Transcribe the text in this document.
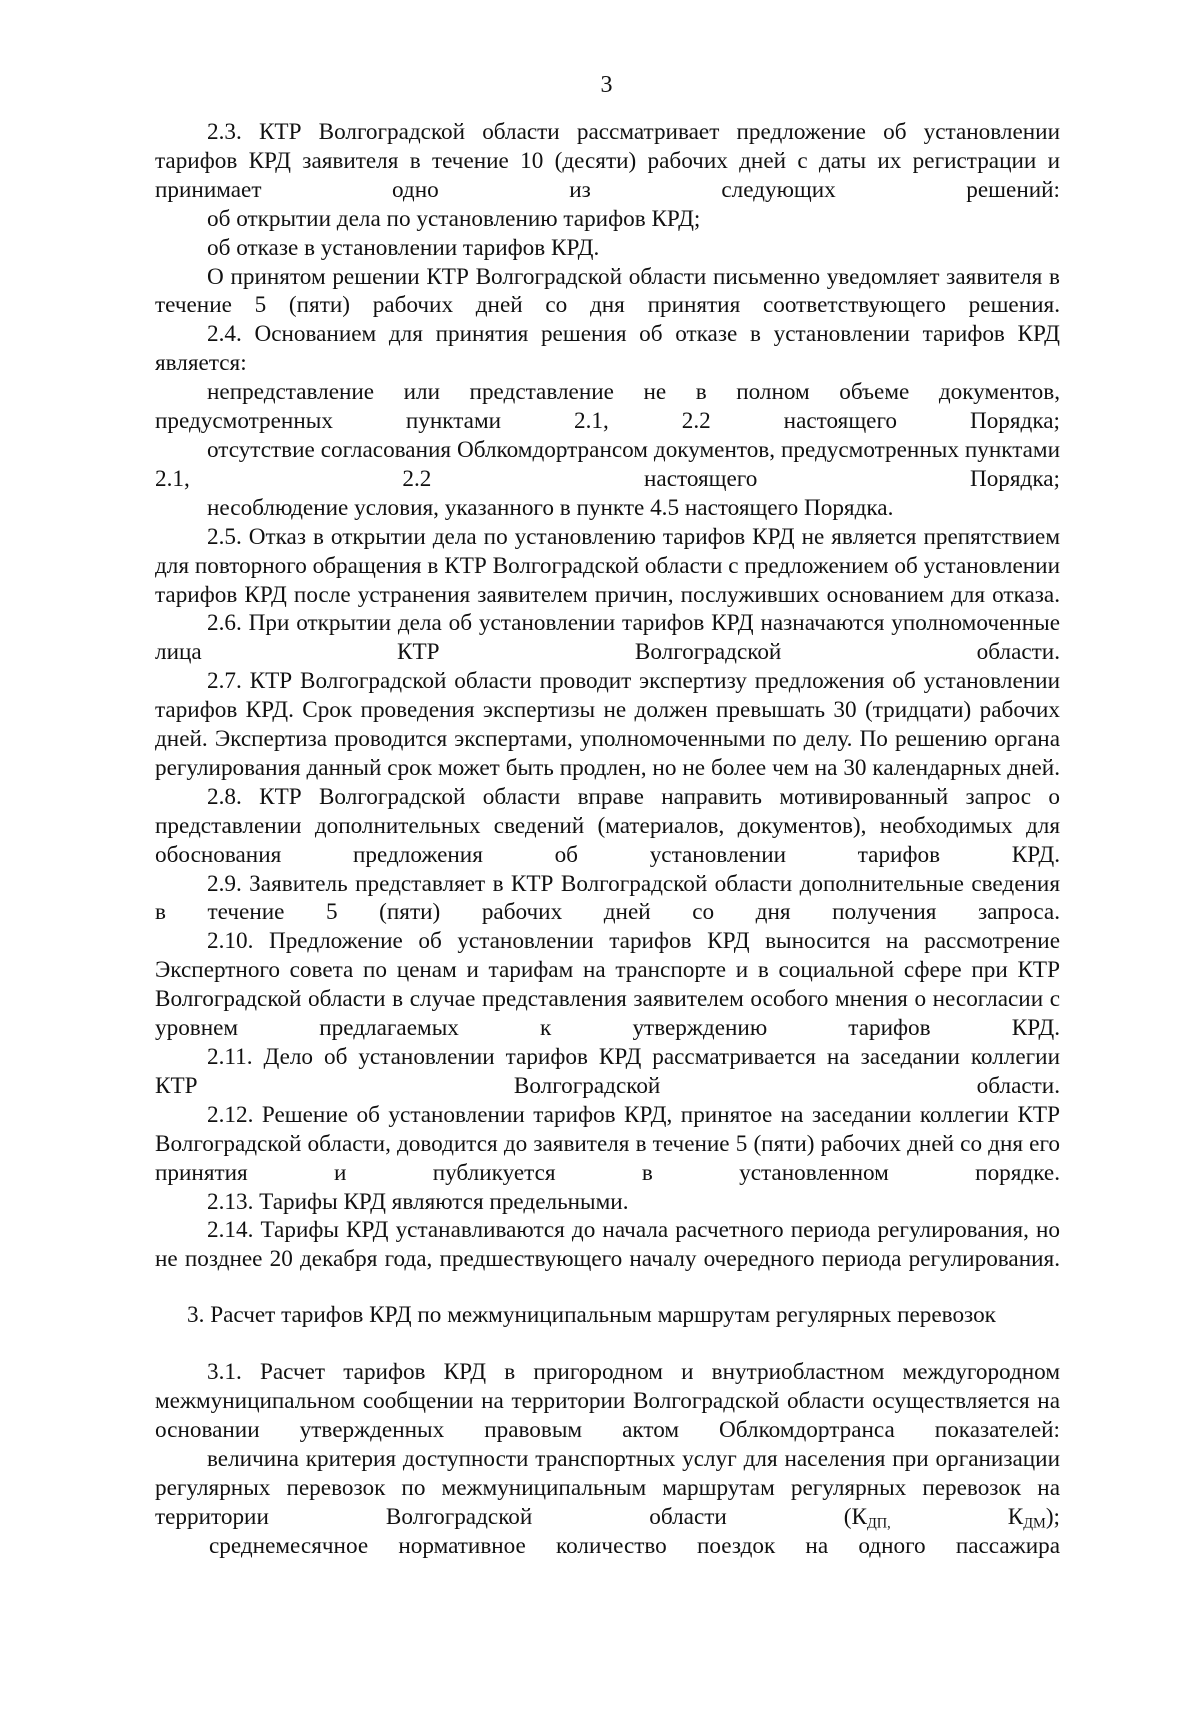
3

2.3. КТР Волгоградской области рассматривает предложение об установлении тарифов КРД заявителя в течение 10 (десяти) рабочих дней с даты их регистрации и принимает одно из следующих решений:

об открытии дела по установлению тарифов КРД;

об отказе в установлении тарифов КРД.

О принятом решении КТР Волгоградской области письменно уведомляет заявителя в течение 5 (пяти) рабочих дней со дня принятия соответствующего решения.

2.4. Основанием для принятия решения об отказе в установлении тарифов КРД является:

непредставление или представление не в полном объеме документов, предусмотренных пунктами 2.1, 2.2 настоящего Порядка;

отсутствие согласования Облкомдортрансом документов, предусмотренных пунктами 2.1, 2.2 настоящего Порядка;

несоблюдение условия, указанного в пункте 4.5 настоящего Порядка.

2.5. Отказ в открытии дела по установлению тарифов КРД не является препятствием для повторного обращения в КТР Волгоградской области с предложением об установлении тарифов КРД после устранения заявителем причин, послуживших основанием для отказа.

2.6. При открытии дела об установлении тарифов КРД назначаются уполномоченные лица КТР Волгоградской области.

2.7. КТР Волгоградской области проводит экспертизу предложения об установлении тарифов КРД. Срок проведения экспертизы не должен превышать 30 (тридцати) рабочих дней. Экспертиза проводится экспертами, уполномоченными по делу. По решению органа регулирования данный срок может быть продлен, но не более чем на 30 календарных дней.

2.8. КТР Волгоградской области вправе направить мотивированный запрос о представлении дополнительных сведений (материалов, документов), необходимых для обоснования предложения об установлении тарифов КРД.

2.9. Заявитель представляет в КТР Волгоградской области дополнительные сведения в течение 5 (пяти) рабочих дней со дня получения запроса.

2.10. Предложение об установлении тарифов КРД выносится на рассмотрение Экспертного совета по ценам и тарифам на транспорте и в социальной сфере при КТР Волгоградской области в случае представления заявителем особого мнения о несогласии с уровнем предлагаемых к утверждению тарифов КРД.

2.11. Дело об установлении тарифов КРД рассматривается на заседании коллегии КТР Волгоградской области.

2.12. Решение об установлении тарифов КРД, принятое на заседании коллегии КТР Волгоградской области, доводится до заявителя в течение 5 (пяти) рабочих дней со дня его принятия и публикуется в установленном порядке.

2.13. Тарифы КРД являются предельными.

2.14. Тарифы КРД устанавливаются до начала расчетного периода регулирования, но не позднее 20 декабря года, предшествующего началу очередного периода регулирования.

3. Расчет тарифов КРД по межмуниципальным маршрутам регулярных перевозок

3.1. Расчет тарифов КРД в пригородном и внутриобластном междугородном межмуниципальном сообщении на территории Волгоградской области осуществляется на основании утвержденных правовым актом Облкомдортранса показателей:

величина критерия доступности транспортных услуг для населения при организации регулярных перевозок по межмуниципальным маршрутам регулярных перевозок на территории Волгоградской области ($К_{ДП,}$ $К_{ДМ}$);

среднемесячное нормативное количество поездок на одного пассажира
